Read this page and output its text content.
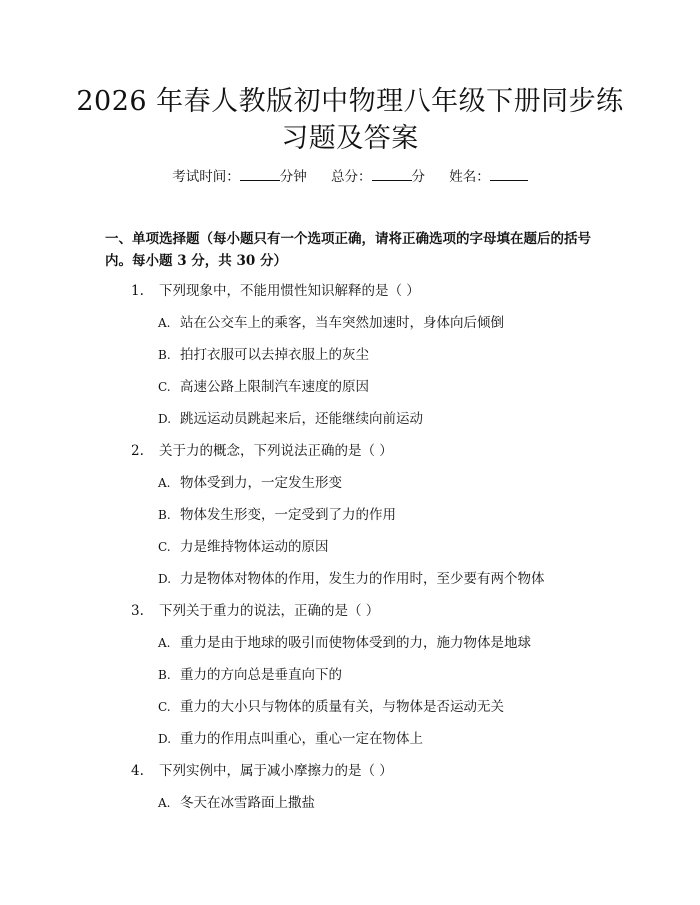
2026 年春人教版初中物理八年级下册同步练
习题及答案
考试时间：	分钟 总分：	分 姓名：
一、单项选择题（每小题只有一个选项正确，请将正确选项的字母填在题后的括号内。每小题 3 分，共 30 分）
1. 下列现象中，不能用惯性知识解释的是（ ）
A. 站在公交车上的乘客，当车突然加速时，身体向后倾倒
B. 拍打衣服可以去掉衣服上的灰尘
C. 高速公路上限制汽车速度的原因
D. 跳远运动员跳起来后，还能继续向前运动
2. 关于力的概念，下列说法正确的是（ ）
A. 物体受到力，一定发生形变
B. 物体发生形变，一定受到了力的作用
C. 力是维持物体运动的原因
D. 力是物体对物体的作用，发生力的作用时，至少要有两个物体
3. 下列关于重力的说法，正确的是（ ）
A. 重力是由于地球的吸引而使物体受到的力，施力物体是地球
B. 重力的方向总是垂直向下的
C. 重力的大小只与物体的质量有关，与物体是否运动无关
D. 重力的作用点叫重心，重心一定在物体上
4. 下列实例中，属于减小摩擦力的是（ ）
A. 冬天在冰雪路面上撒盐
